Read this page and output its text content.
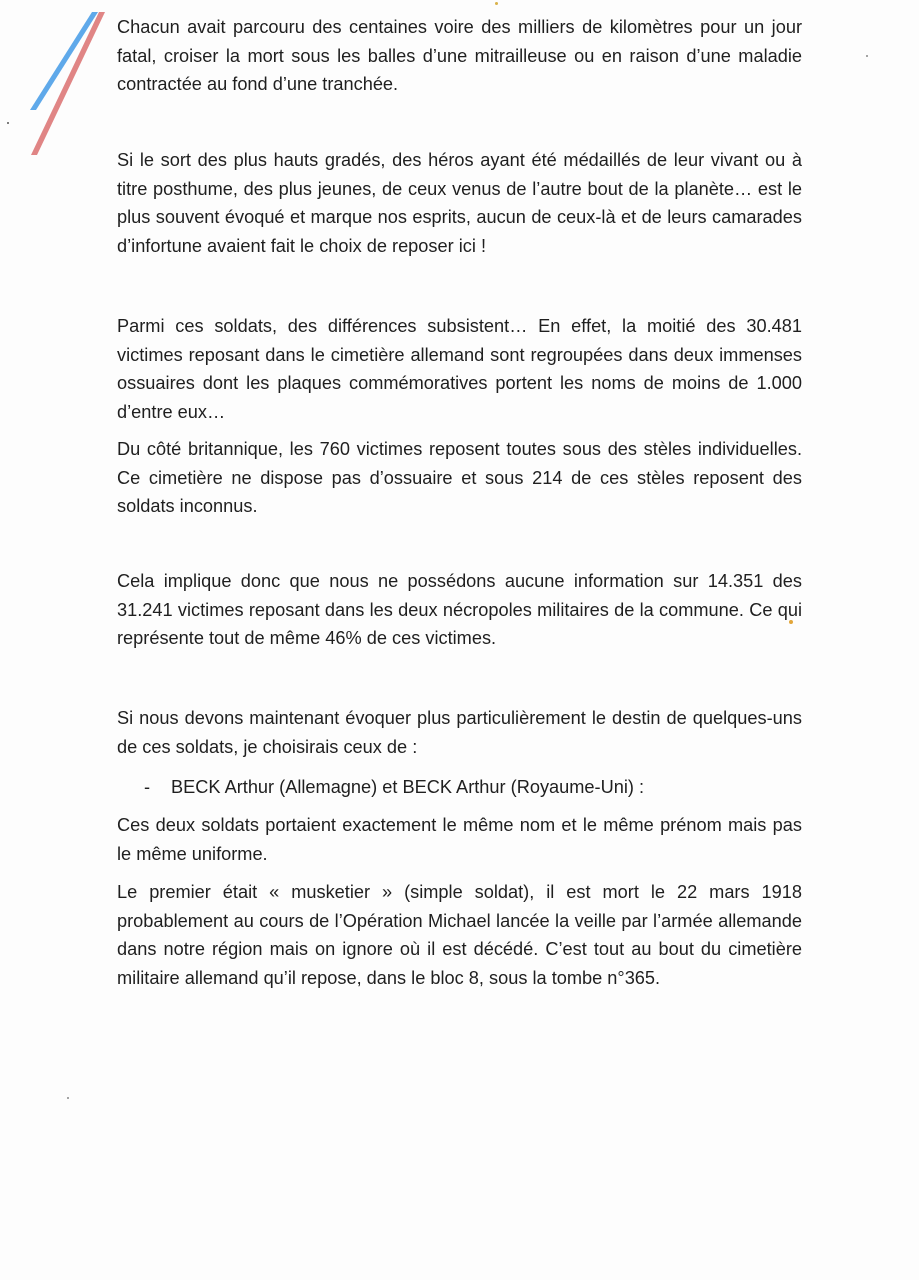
Chacun avait parcouru des centaines voire des milliers de kilomètres pour un jour fatal, croiser la mort sous les balles d’une mitrailleuse ou en raison d’une maladie contractée au fond d’une tranchée.

Si le sort des plus hauts gradés, des héros ayant été médaillés de leur vivant ou à titre posthume, des plus jeunes, de ceux venus de l’autre bout de la planète… est le plus souvent évoqué et marque nos esprits, aucun de ceux-là et de leurs camarades d’infortune avaient fait le choix de reposer ici !

Parmi ces soldats, des différences subsistent… En effet, la moitié des 30.481 victimes reposant dans le cimetière allemand sont regroupées dans deux immenses ossuaires dont les plaques commémoratives portent les noms de moins de 1.000 d’entre eux…

Du côté britannique, les 760 victimes reposent toutes sous des stèles individuelles. Ce cimetière ne dispose pas d’ossuaire et sous 214 de ces stèles reposent des soldats inconnus.

Cela implique donc que nous ne possédons aucune information sur 14.351 des 31.241 victimes reposant dans les deux nécropoles militaires de la commune. Ce qui représente tout de même 46% de ces victimes.

Si nous devons maintenant évoquer plus particulièrement le destin de quelques-uns de ces soldats, je choisirais ceux de :

- BECK Arthur (Allemagne) et BECK Arthur (Royaume-Uni) :

Ces deux soldats portaient exactement le même nom et le même prénom mais pas le même uniforme.

Le premier était « musketier » (simple soldat), il est mort le 22 mars 1918 probablement au cours de l’Opération Michael lancée la veille par l’armée allemande dans notre région mais on ignore où il est décédé. C’est tout au bout du cimetière militaire allemand qu’il repose, dans le bloc 8, sous la tombe n°365.
